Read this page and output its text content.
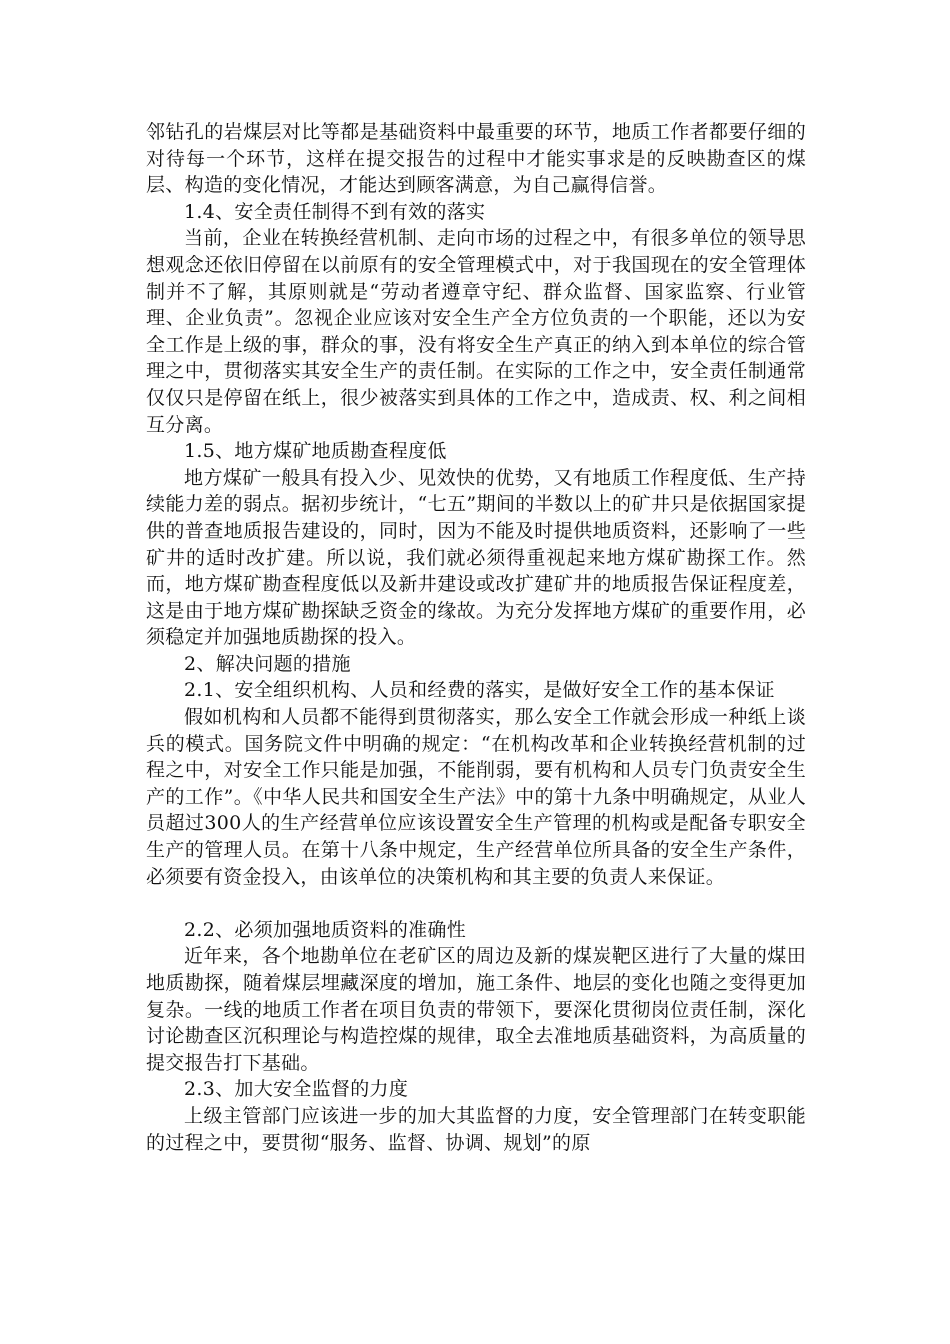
邻钻孔的岩煤层对比等都是基础资料中最重要的环节，地质工作者都要仔细的对待每一个环节，这样在提交报告的过程中才能实事求是的反映勘查区的煤层、构造的变化情况，才能达到顾客满意，为自己赢得信誉。

1.4、安全责任制得不到有效的落实

当前，企业在转换经营机制、走向市场的过程之中，有很多单位的领导思想观念还依旧停留在以前原有的安全管理模式中，对于我国现在的安全管理体制并不了解，其原则就是“劳动者遵章守纪、群众监督、国家监察、行业管理、企业负责”。忽视企业应该对安全生产全方位负责的一个职能，还以为安全工作是上级的事，群众的事，没有将安全生产真正的纳入到本单位的综合管理之中，贯彻落实其安全生产的责任制。在实际的工作之中，安全责任制通常仅仅只是停留在纸上，很少被落实到具体的工作之中，造成责、权、利之间相互分离。

1.5、地方煤矿地质勘查程度低

地方煤矿一般具有投入少、见效快的优势，又有地质工作程度低、生产持续能力差的弱点。据初步统计，“七五”期间的半数以上的矿井只是依据国家提供的普查地质报告建设的，同时，因为不能及时提供地质资料，还影响了一些矿井的适时改扩建。所以说，我们就必须得重视起来地方煤矿勘探工作。然而，地方煤矿勘查程度低以及新井建设或改扩建矿井的地质报告保证程度差，这是由于地方煤矿勘探缺乏资金的缘故。为充分发挥地方煤矿的重要作用，必须稳定并加强地质勘探的投入。

2、解决问题的措施

2.1、安全组织机构、人员和经费的落实，是做好安全工作的基本保证

假如机构和人员都不能得到贯彻落实，那么安全工作就会形成一种纸上谈兵的模式。国务院文件中明确的规定：“在机构改革和企业转换经营机制的过程之中，对安全工作只能是加强，不能削弱，要有机构和人员专门负责安全生产的工作”。《中华人民共和国安全生产法》中的第十九条中明确规定，从业人员超过300人的生产经营单位应该设置安全生产管理的机构或是配备专职安全生产的管理人员。在第十八条中规定，生产经营单位所具备的安全生产条件，必须要有资金投入，由该单位的决策机构和其主要的负责人来保证。

2.2、必须加强地质资料的准确性

近年来，各个地勘单位在老矿区的周边及新的煤炭靶区进行了大量的煤田地质勘探，随着煤层埋藏深度的增加，施工条件、地层的变化也随之变得更加复杂。一线的地质工作者在项目负责的带领下，要深化贯彻岗位责任制，深化讨论勘查区沉积理论与构造控煤的规律，取全去准地质基础资料，为高质量的提交报告打下基础。

2.3、加大安全监督的力度

上级主管部门应该进一步的加大其监督的力度，安全管理部门在转变职能的过程之中，要贯彻“服务、监督、协调、规划”的原
